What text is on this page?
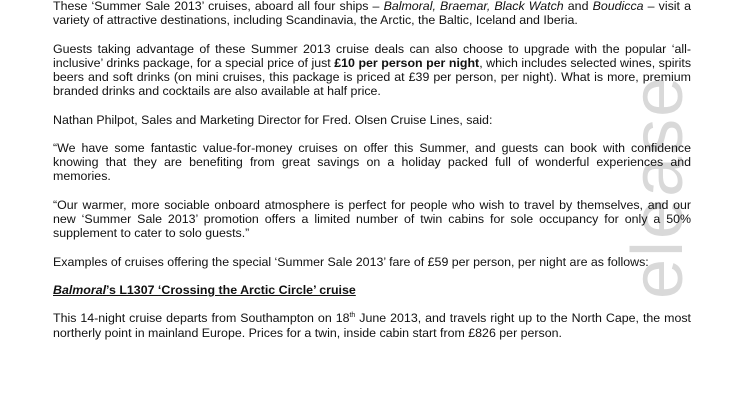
elease

These ‘Summer Sale 2013’ cruises, aboard all four ships – Balmoral, Braemar, Black Watch and Boudicca – visit a variety of attractive destinations, including Scandinavia, the Arctic, the Baltic, Iceland and Iberia.

Guests taking advantage of these Summer 2013 cruise deals can also choose to upgrade with the popular ‘all-inclusive’ drinks package, for a special price of just £10 per person per night, which includes selected wines, spirits beers and soft drinks (on mini cruises, this package is priced at £39 per person, per night). What is more, premium branded drinks and cocktails are also available at half price.

Nathan Philpot, Sales and Marketing Director for Fred. Olsen Cruise Lines, said:

“We have some fantastic value-for-money cruises on offer this Summer, and guests can book with confidence knowing that they are benefiting from great savings on a holiday packed full of wonderful experiences and memories.

“Our warmer, more sociable onboard atmosphere is perfect for people who wish to travel by themselves, and our new ‘Summer Sale 2013’ promotion offers a limited number of twin cabins for sole occupancy for only a 50% supplement to cater to solo guests.”

Examples of cruises offering the special ‘Summer Sale 2013’ fare of £59 per person, per night are as follows:

Balmoral’s L1307 ‘Crossing the Arctic Circle’ cruise

This 14-night cruise departs from Southampton on 18th June 2013, and travels right up to the North Cape, the most northerly point in mainland Europe. Prices for a twin, inside cabin start from £826 per person.
